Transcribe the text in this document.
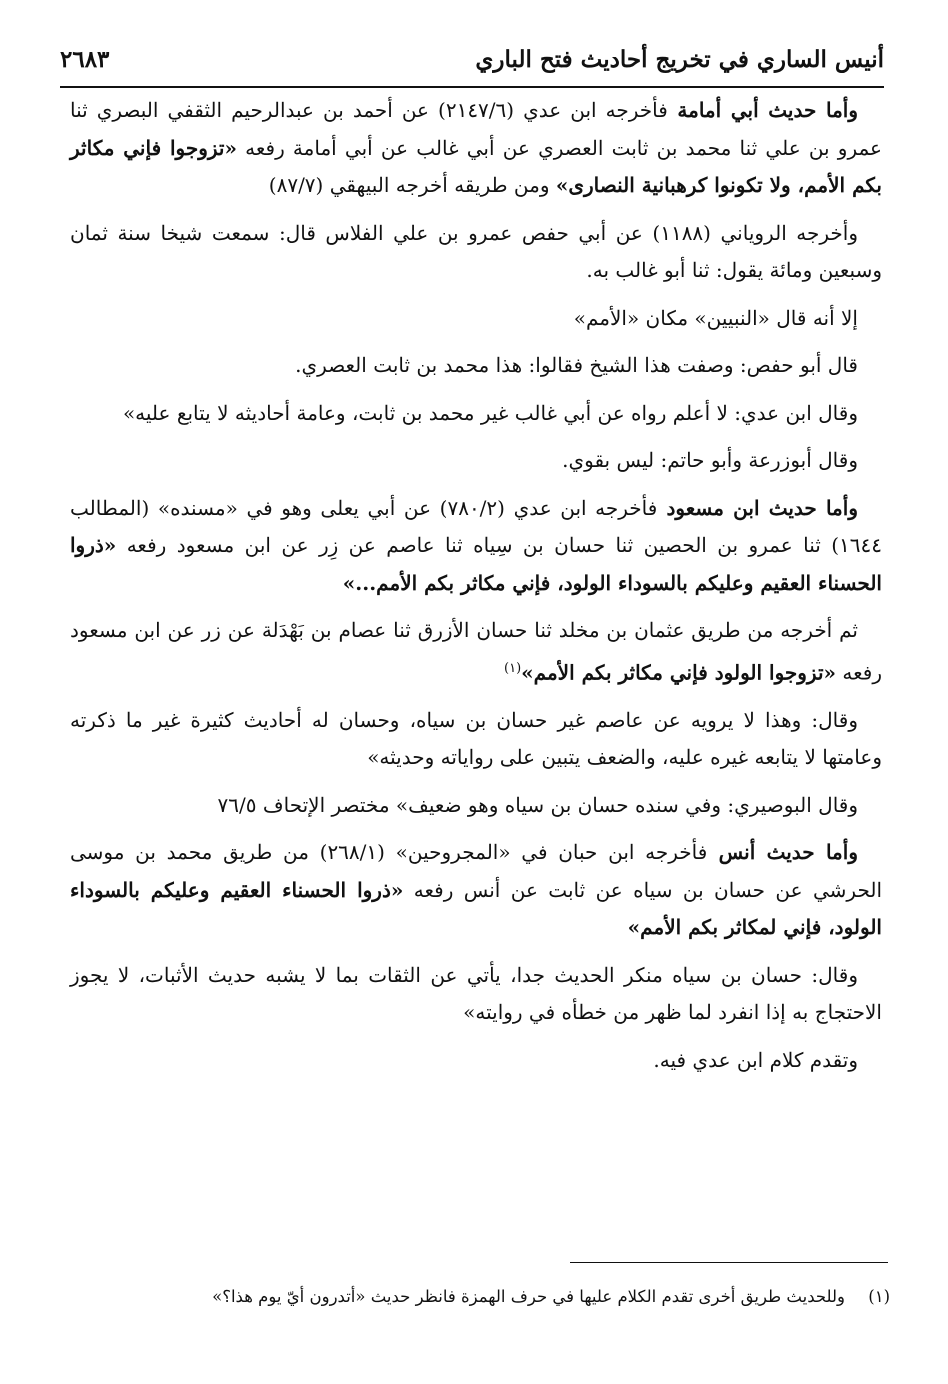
أنيس الساري في تخريج أحاديث فتح الباري
٢٦٨٣

وأما حديث أبي أمامة فأخرجه ابن عدي (٢١٤٧/٦) عن أحمد بن عبدالرحيم الثقفي البصري ثنا عمرو بن علي ثنا محمد بن ثابت العصري عن أبي غالب عن أبي أمامة رفعه «تزوجوا فإني مكاثر بكم الأمم، ولا تكونوا كرهبانية النصارى» ومن طريقه أخرجه البيهقي (٨٧/٧)

وأخرجه الروياني (١١٨٨) عن أبي حفص عمرو بن علي الفلاس قال: سمعت شيخا سنة ثمان وسبعين ومائة يقول: ثنا أبو غالب به.

إلا أنه قال «النبيين» مكان «الأمم»

قال أبو حفص: وصفت هذا الشيخ فقالوا: هذا محمد بن ثابت العصري.

وقال ابن عدي: لا أعلم رواه عن أبي غالب غير محمد بن ثابت، وعامة أحاديثه لا يتابع عليه»

وقال أبوزرعة وأبو حاتم: ليس بقوي.

وأما حديث ابن مسعود فأخرجه ابن عدي (٧٨٠/٢) عن أبي يعلى وهو في «مسنده» (المطالب ١٦٤٤) ثنا عمرو بن الحصين ثنا حسان بن سِياه ثنا عاصم عن زِر عن ابن مسعود رفعه «ذروا الحسناء العقيم وعليكم بالسوداء الولود، فإني مكاثر بكم الأمم...»

ثم أخرجه من طريق عثمان بن مخلد ثنا حسان الأزرق ثنا عصام بن بَهْدَلة عن زر عن ابن مسعود رفعه «تزوجوا الولود فإني مكاثر بكم الأمم»$^{(١)}$

وقال: وهذا لا يرويه عن عاصم غير حسان بن سياه، وحسان له أحاديث كثيرة غير ما ذكرته وعامتها لا يتابعه غيره عليه، والضعف يتبين على رواياته وحديثه»

وقال البوصيري: وفي سنده حسان بن سياه وهو ضعيف» مختصر الإتحاف ٧٦/٥

وأما حديث أنس فأخرجه ابن حبان في «المجروحين» (٢٦٨/١) من طريق محمد بن موسى الحرشي عن حسان بن سياه عن ثابت عن أنس رفعه «ذروا الحسناء العقيم وعليكم بالسوداء الولود، فإني لمكاثر بكم الأمم»

وقال: حسان بن سياه منكر الحديث جدا، يأتي عن الثقات بما لا يشبه حديث الأثبات، لا يجوز الاحتجاج به إذا انفرد لما ظهر من خطأه في روايته»

وتقدم كلام ابن عدي فيه.

(١) وللحديث طريق أخرى تقدم الكلام عليها في حرف الهمزة فانظر حديث «أتدرون أيّ يوم هذا؟»
